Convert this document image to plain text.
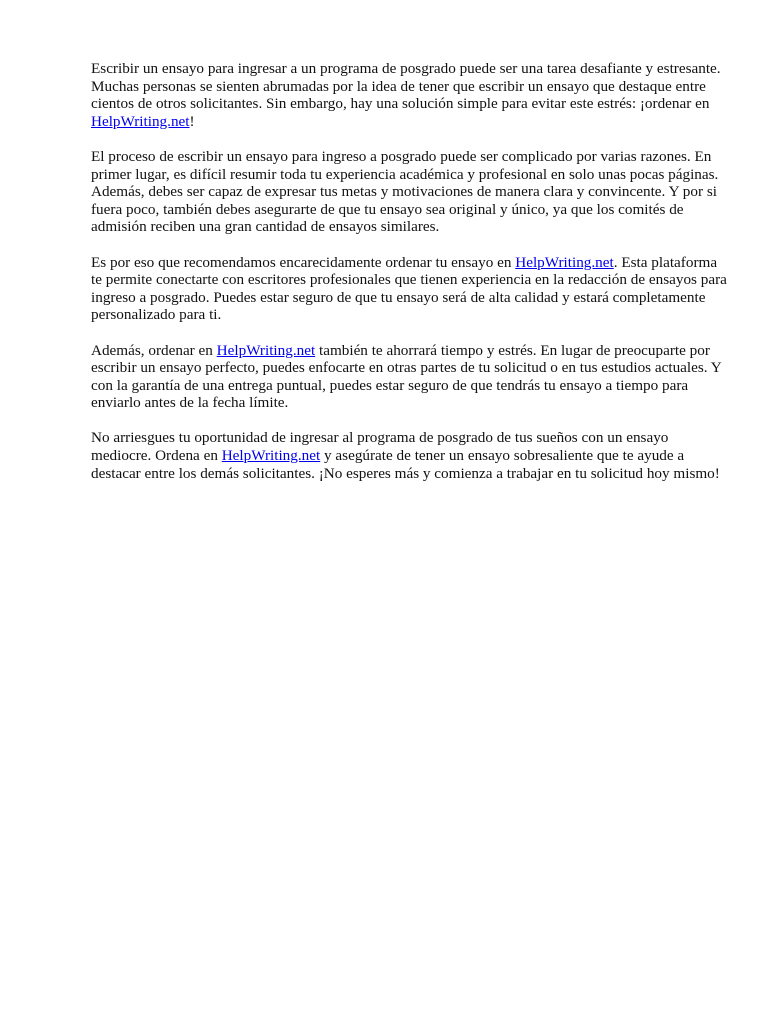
Escribir un ensayo para ingresar a un programa de posgrado puede ser una tarea desafiante y estresante. Muchas personas se sienten abrumadas por la idea de tener que escribir un ensayo que destaque entre cientos de otros solicitantes. Sin embargo, hay una solución simple para evitar este estrés: ¡ordenar en HelpWriting.net!

El proceso de escribir un ensayo para ingreso a posgrado puede ser complicado por varias razones. En primer lugar, es difícil resumir toda tu experiencia académica y profesional en solo unas pocas páginas. Además, debes ser capaz de expresar tus metas y motivaciones de manera clara y convincente. Y por si fuera poco, también debes asegurarte de que tu ensayo sea original y único, ya que los comités de admisión reciben una gran cantidad de ensayos similares.

Es por eso que recomendamos encarecidamente ordenar tu ensayo en HelpWriting.net. Esta plataforma te permite conectarte con escritores profesionales que tienen experiencia en la redacción de ensayos para ingreso a posgrado. Puedes estar seguro de que tu ensayo será de alta calidad y estará completamente personalizado para ti.

Además, ordenar en HelpWriting.net también te ahorrará tiempo y estrés. En lugar de preocuparte por escribir un ensayo perfecto, puedes enfocarte en otras partes de tu solicitud o en tus estudios actuales. Y con la garantía de una entrega puntual, puedes estar seguro de que tendrás tu ensayo a tiempo para enviarlo antes de la fecha límite.

No arriesgues tu oportunidad de ingresar al programa de posgrado de tus sueños con un ensayo mediocre. Ordena en HelpWriting.net y asegúrate de tener un ensayo sobresaliente que te ayude a destacar entre los demás solicitantes. ¡No esperes más y comienza a trabajar en tu solicitud hoy mismo!
